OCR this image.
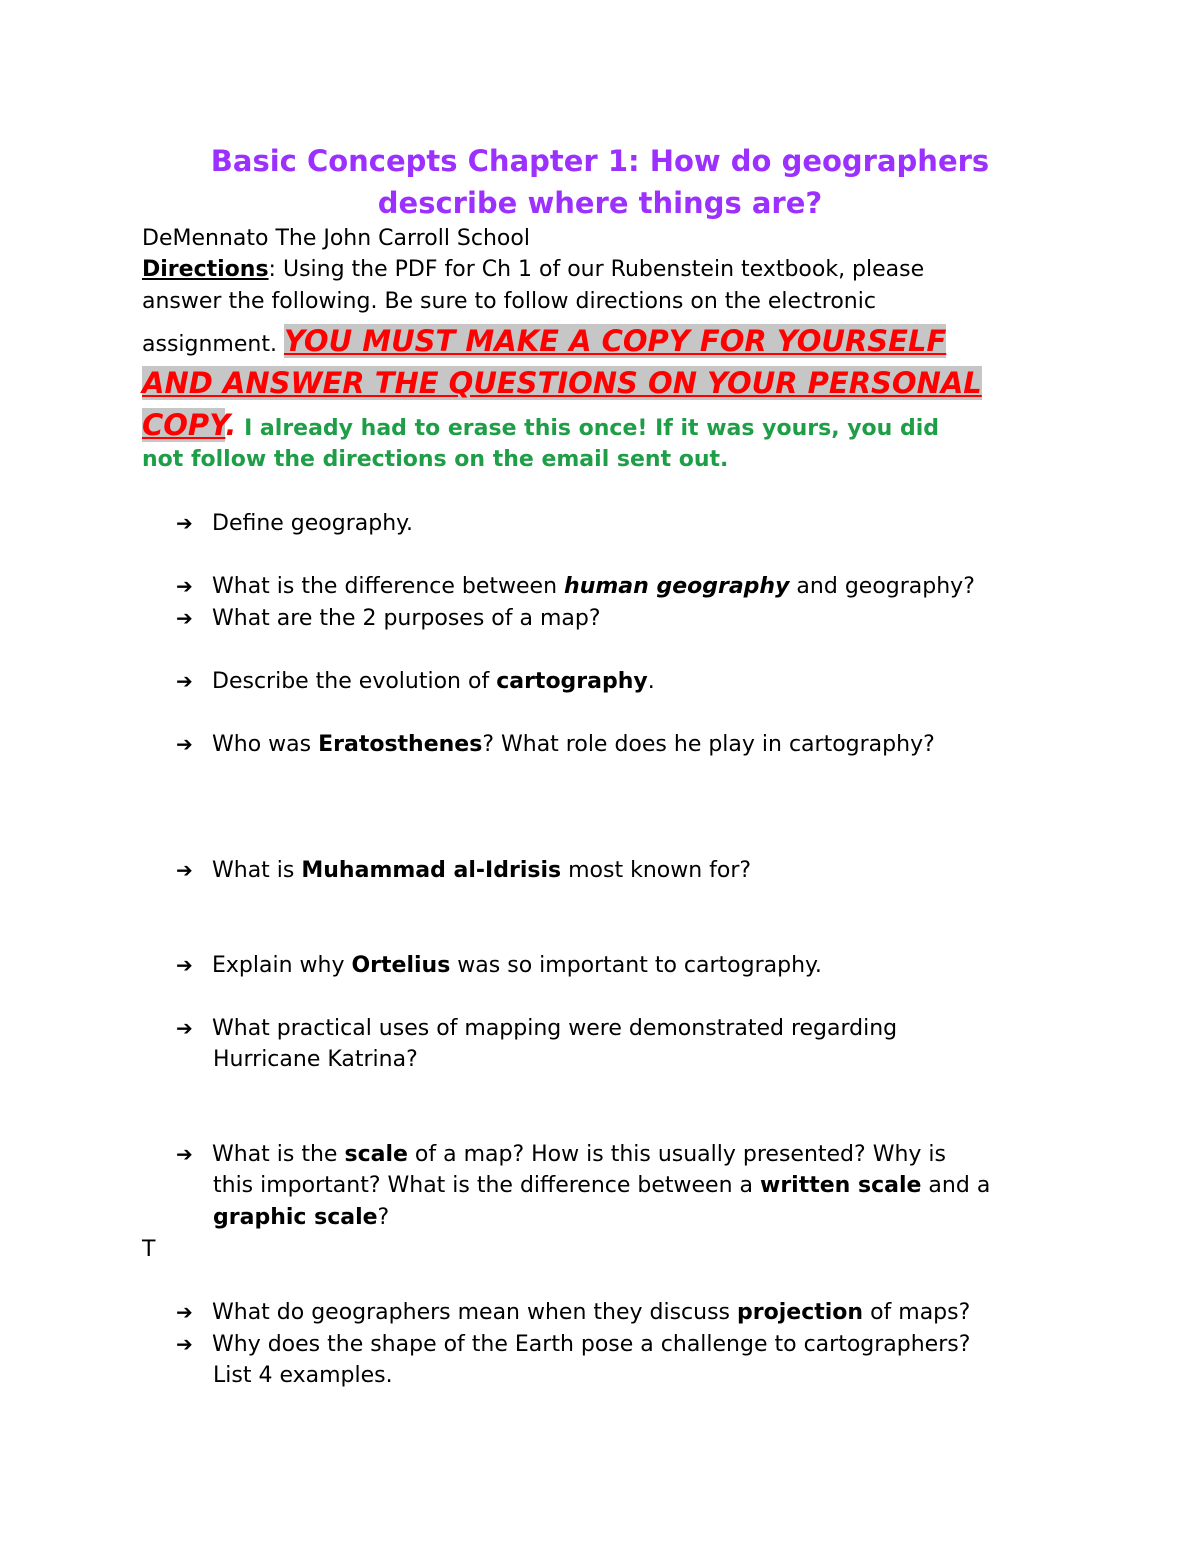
Basic Concepts Chapter 1: How do geographers
describe where things are?
DeMennato The John Carroll School
Directions: Using the PDF for Ch 1 of our Rubenstein textbook, please
answer the following. Be sure to follow directions on the electronic
assignment. YOU MUST MAKE A COPY FOR YOURSELF
AND ANSWER THE QUESTIONS ON YOUR PERSONAL
COPY. I already had to erase this once! If it was yours, you did
not follow the directions on the email sent out.
➔ Define geography.
➔ What is the difference between human geography and geography?
➔ What are the 2 purposes of a map?
➔ Describe the evolution of cartography.
➔ Who was Eratosthenes? What role does he play in cartography?
➔ What is Muhammad al-Idrisis most known for?
➔ Explain why Ortelius was so important to cartography.
➔ What practical uses of mapping were demonstrated regarding
Hurricane Katrina?
➔ What is the scale of a map? How is this usually presented? Why is
this important? What is the difference between a written scale and a
graphic scale?
T
➔ What do geographers mean when they discuss projection of maps?
➔ Why does the shape of the Earth pose a challenge to cartographers?
List 4 examples.
